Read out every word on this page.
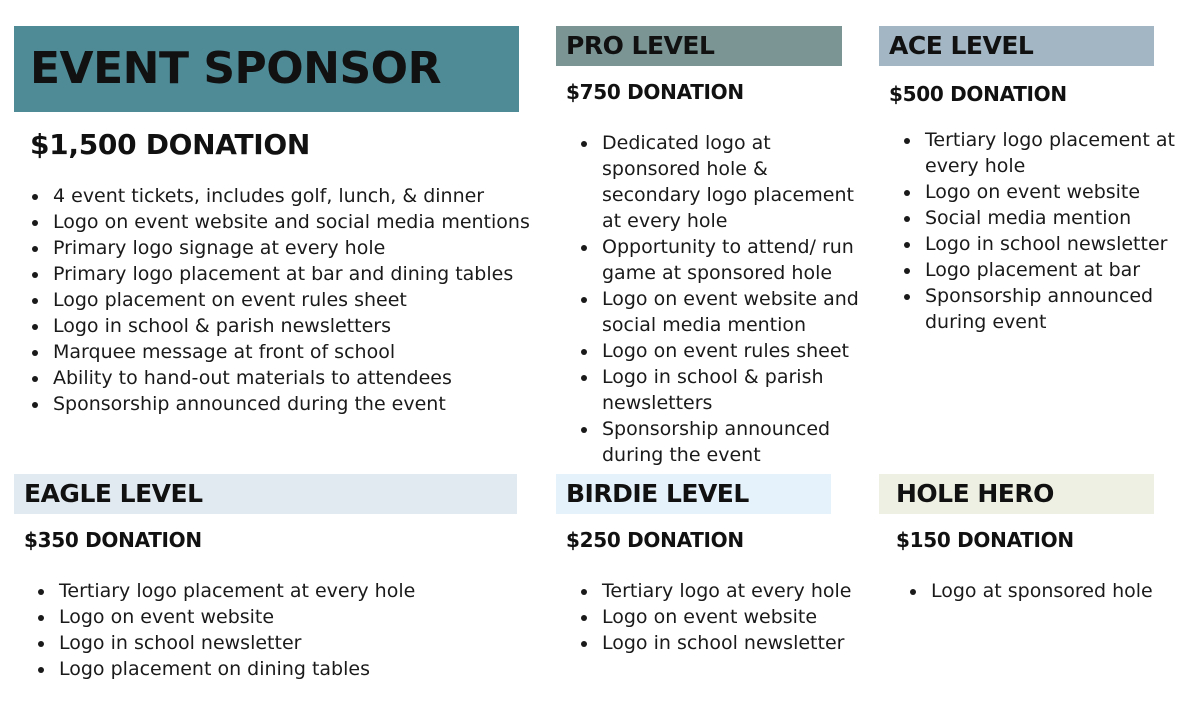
EVENT SPONSOR
$1,500 DONATION
4 event tickets, includes golf, lunch, & dinner
Logo on event website and social media mentions
Primary logo signage at every hole
Primary logo placement at bar and dining tables
Logo placement on event rules sheet
Logo in school & parish newsletters
Marquee message at front of school
Ability to hand-out materials to attendees
Sponsorship announced during the event
PRO LEVEL
$750 DONATION
Dedicated logo at sponsored hole & secondary logo placement at every hole
Opportunity to attend/ run game at sponsored hole
Logo on event website and social media mention
Logo on event rules sheet
Logo in school & parish newsletters
Sponsorship announced during the event
ACE LEVEL
$500 DONATION
Tertiary logo placement at every hole
Logo on event website
Social media mention
Logo in school newsletter
Logo placement at bar
Sponsorship announced during event
EAGLE LEVEL
$350 DONATION
Tertiary logo placement at every hole
Logo on event website
Logo in school newsletter
Logo placement on dining tables
BIRDIE LEVEL
$250 DONATION
Tertiary logo at every hole
Logo on event website
Logo in school newsletter
HOLE HERO
$150 DONATION
Logo at sponsored hole
